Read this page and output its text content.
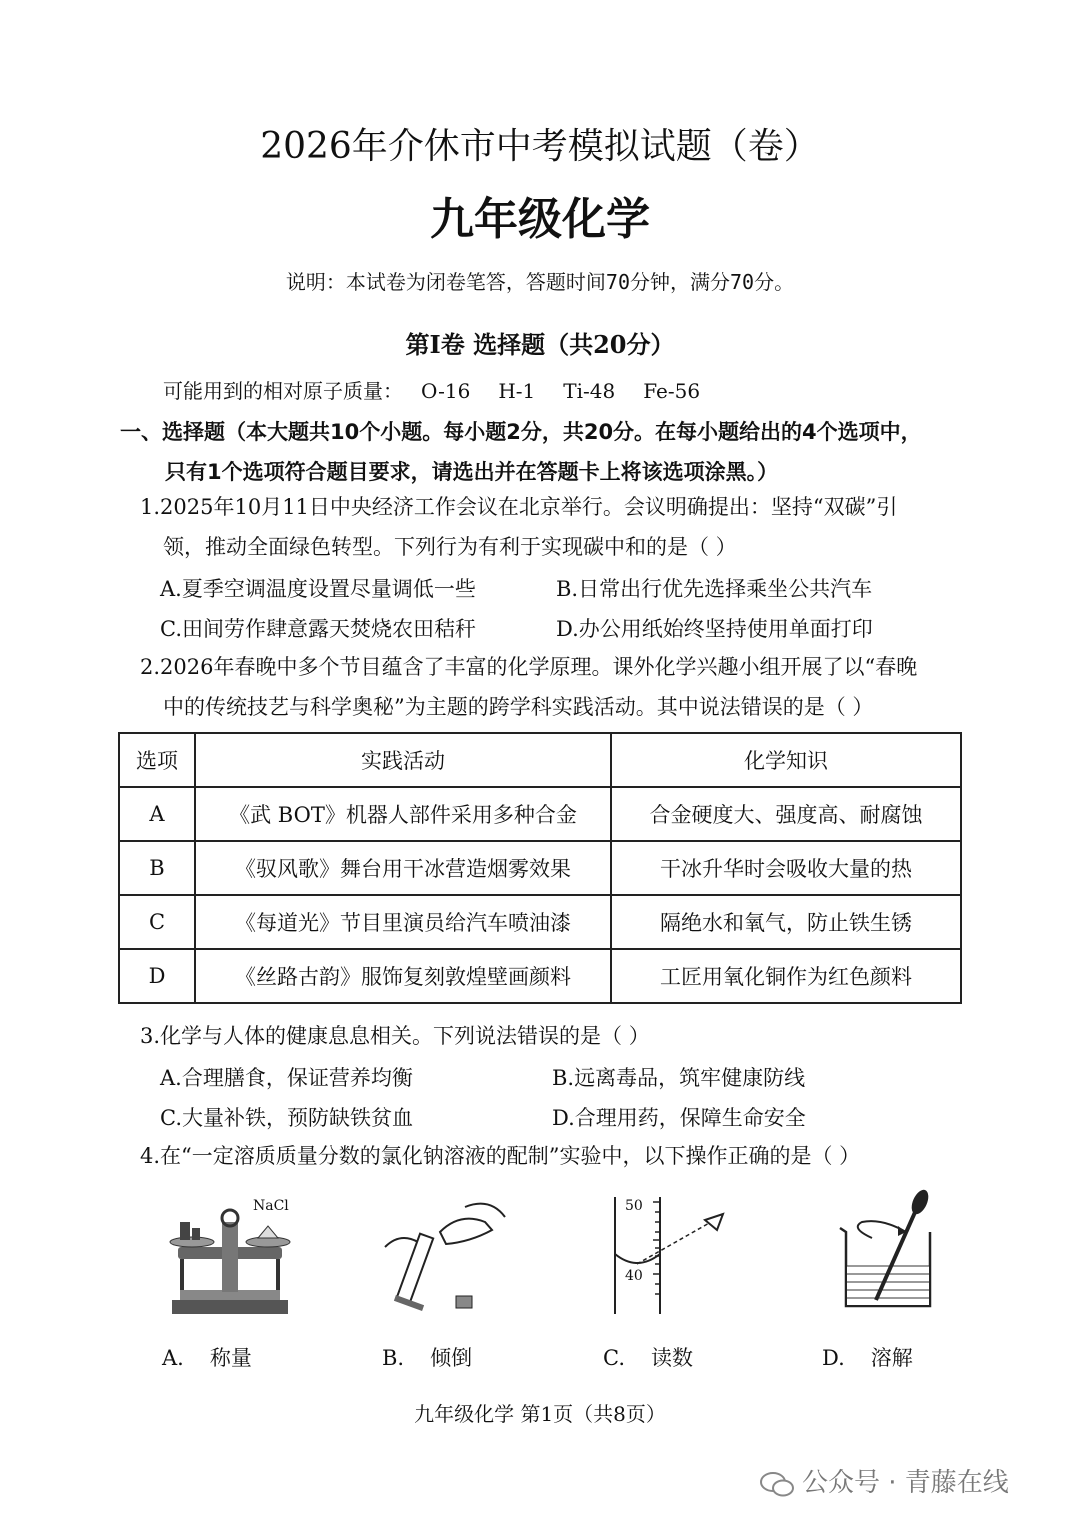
2026年介休市中考模拟试题（卷）
九年级化学
说明：本试卷为闭卷笔答，答题时间70分钟，满分70分。
第Ⅰ卷 选择题（共20分）
可能用到的相对原子质量： O-16 H-1 Ti-48 Fe-56
一、选择题（本大题共10个小题。每小题2分，共20分。在每小题给出的4个选项中，
只有1个选项符合题目要求，请选出并在答题卡上将该选项涂黑。）
1.2025年10月11日中央经济工作会议在北京举行。会议明确提出：坚持“双碳”引
领，推动全面绿色转型。下列行为有利于实现碳中和的是（ ）
A.夏季空调温度设置尽量调低一些	B.日常出行优先选择乘坐公共汽车
C.田间劳作肆意露天焚烧农田秸秆	D.办公用纸始终坚持使用单面打印
2.2026年春晚中多个节目蕴含了丰富的化学原理。课外化学兴趣小组开展了以“春晚
中的传统技艺与科学奥秘”为主题的跨学科实践活动。其中说法错误的是（ ）
选项	实践活动	化学知识
A	《武 BOT》机器人部件采用多种合金	合金硬度大、强度高、耐腐蚀
B	《驭风歌》舞台用干冰营造烟雾效果	干冰升华时会吸收大量的热
C	《每道光》节目里演员给汽车喷油漆	隔绝水和氧气，防止铁生锈
D	《丝路古韵》服饰复刻敦煌壁画颜料	工匠用氧化铜作为红色颜料
3.化学与人体的健康息息相关。下列说法错误的是（ ）
A.合理膳食，保证营养均衡	B.远离毒品，筑牢健康防线
C.大量补铁，预防缺铁贫血	D.合理用药，保障生命安全
4.在“一定溶质质量分数的氯化钠溶液的配制”实验中，以下操作正确的是（ ）
NaCl	50
40
A. 称量	B. 倾倒	C. 读数	D. 溶解
九年级化学 第1页（共8页）
公众号 · 青藤在线
